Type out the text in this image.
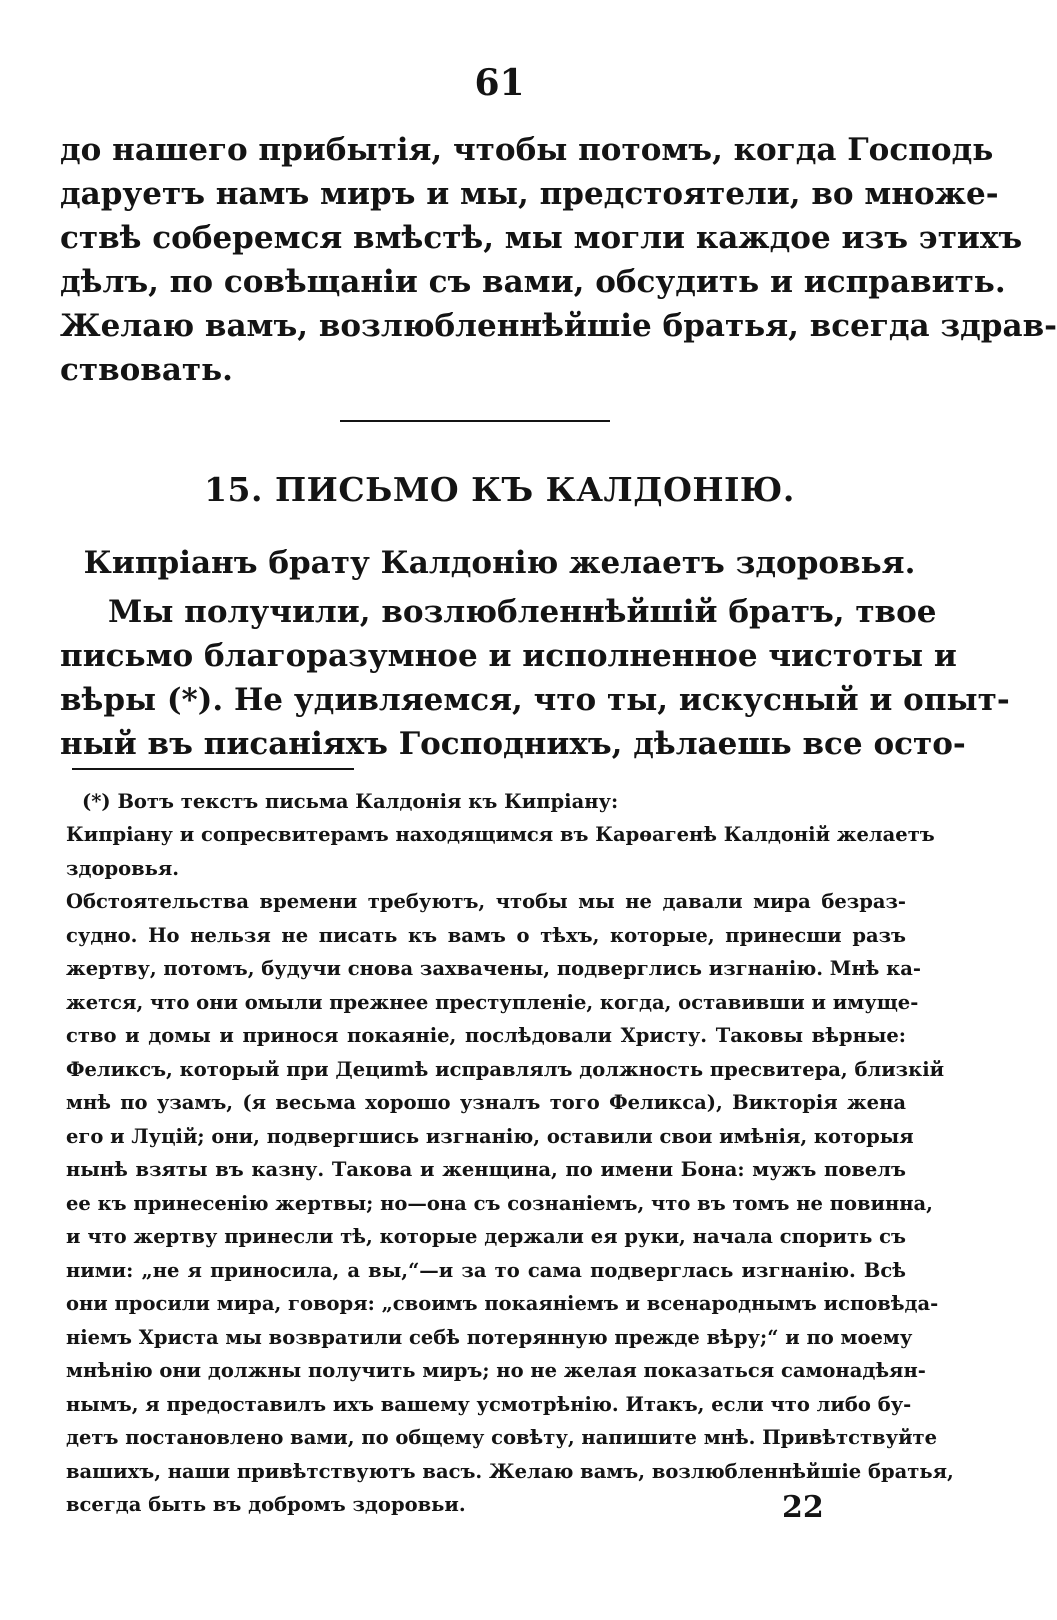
61
до нашего прибытія, чтобы потомъ, когда Господь
даруетъ намъ миръ и мы, предстоятели, во множе-
ствѣ соберемся вмѣстѣ, мы могли каждое изъ этихъ
дѣлъ, по совѣщаніи съ вами, обсудить и исправить.
Желаю вамъ, возлюбленнѣйшіе братья, всегда здрав-
ствовать.
15. ПИСЬМО КЪ КАЛДОНІЮ.
Кипріанъ брату Калдонію желаетъ здоровья.
Мы получили, возлюбленнѣйшій братъ, твое
письмо благоразумное и исполненное чистоты и
вѣры (*). Не удивляемся, что ты, искусный и опыт-
ный въ писаніяхъ Господнихъ, дѣлаешь все осто-
(*) Вотъ текстъ письма Калдонія къ Кипріану:
Кипріану и сопресвитерамъ находящимся въ Карѳагенѣ Калдоній желаетъ
здоровья.
Обстоятельства времени требуютъ, чтобы мы не давали мира безраз-
судно. Но нельзя не писать къ вамъ о тѣхъ, которые, принесши разъ
жертву, потомъ, будучи снова захвачены, подверглись изгнанію. Мнѣ ка-
жется, что они омыли прежнее преступленіе, когда, оставивши и имуще-
ство и домы и принося покаяніе, послѣдовали Христу. Таковы вѣрные:
Феликсъ, который при Дециmѣ исправлялъ должность пресвитера, близкій
мнѣ по узамъ, (я весьма хорошо узналъ того Феликса), Викторія жена
его и Луцій; они, подвергшись изгнанію, оставили свои имѣнія, которыя
нынѣ взяты въ казну. Такова и женщина, по имени Бона: мужъ повелъ
ее къ принесенію жертвы; но—она съ сознаніемъ, что въ томъ не повинна,
и что жертву принесли тѣ, которые держали ея руки, начала спорить съ
ними: „не я приносила, а вы,“—и за то сама подверглась изгнанію. Всѣ
они просили мира, говоря: „своимъ покаяніемъ и всенароднымъ исповѣда-
ніемъ Христа мы возвратили себѣ потерянную прежде вѣру;“ и по моему
мнѣнію они должны получить миръ; но не желая показаться самонадѣян-
нымъ, я предоставилъ ихъ вашему усмотрѣнію. Итакъ, если что либо бу-
детъ постановлено вами, по общему совѣту, напишите мнѣ. Привѣтствуйте
вашихъ, наши привѣтствуютъ васъ. Желаю вамъ, возлюбленнѣйшіе братья,
всегда быть въ добромъ здоровьи.	22
